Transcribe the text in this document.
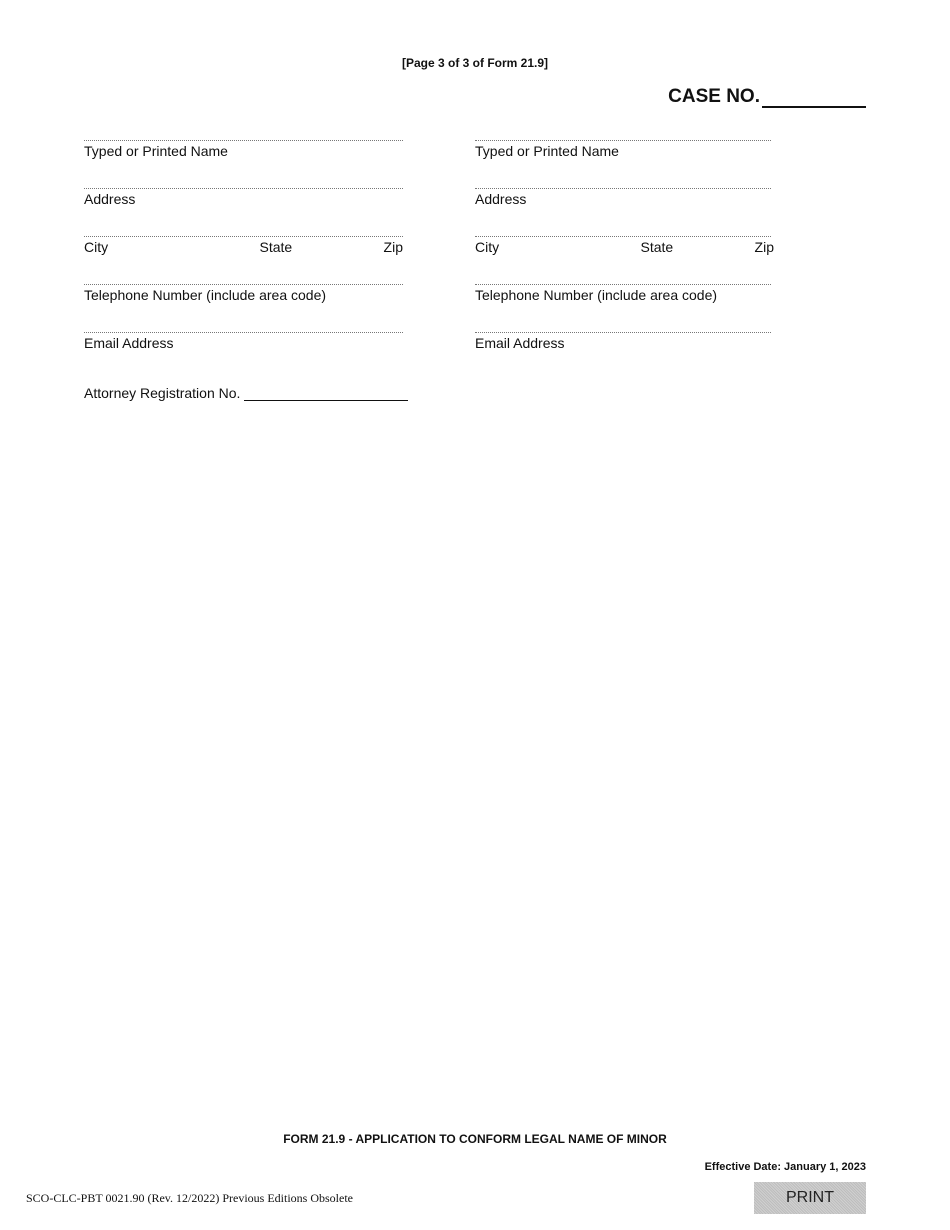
[Page 3 of 3 of Form 21.9]
CASE NO.
Typed or Printed Name
Address
City	State	Zip
Telephone Number (include area code)
Email Address
Attorney Registration No.
Typed or Printed Name
Address
City	State	Zip
Telephone Number (include area code)
Email Address
FORM 21.9 - APPLICATION TO CONFORM LEGAL NAME OF MINOR
Effective Date: January 1, 2023
SCO-CLC-PBT 0021.90 (Rev. 12/2022) Previous Editions Obsolete	PRINT
